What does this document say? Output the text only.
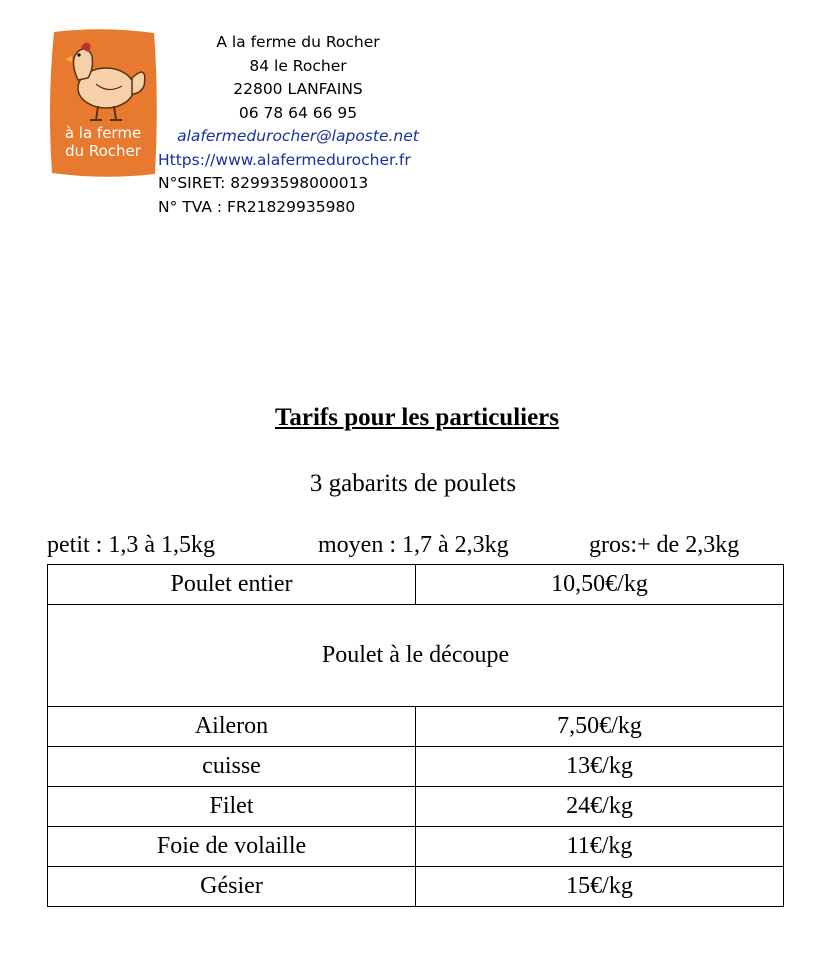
à la ferme
du Rocher
A la ferme du Rocher
84 le Rocher
22800 LANFAINS
06 78 64 66 95
alafermedurocher@laposte.net
Https://www.alafermedurocher.fr
N°SIRET: 82993598000013
N° TVA : FR21829935980
Tarifs pour les particuliers
3 gabarits de poulets
petit : 1,3 à 1,5kg	moyen : 1,7 à 2,3kg	gros:+ de 2,3kg
Poulet entier	10,50€/kg
Poulet à le découpe	
Aileron	7,50€/kg
cuisse	13€/kg
Filet	24€/kg
Foie de volaille	11€/kg
Gésier	15€/kg
